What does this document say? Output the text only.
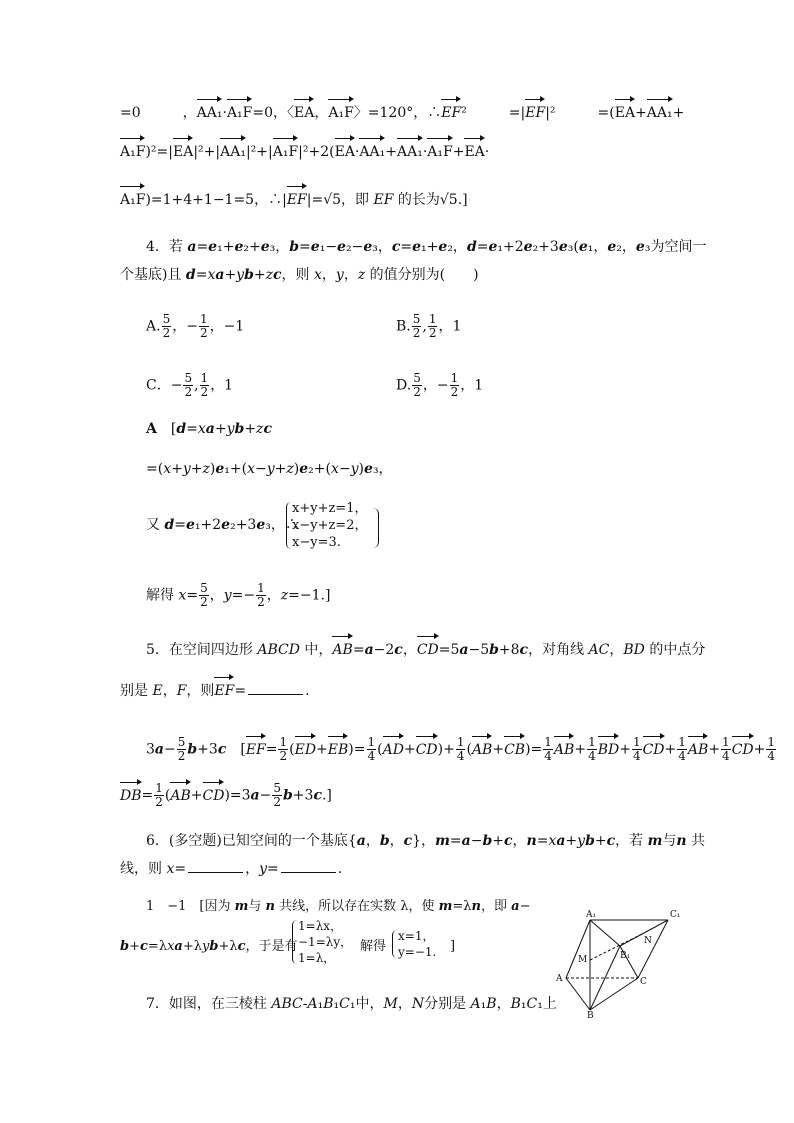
=0　　　，AA₁·A₁F=0，〈EA，A₁F〉=120°，∴EF²　　　=|EF|²　　　=(EA+AA₁+
A₁F)²=|EA|²+|AA₁|²+|A₁F|²+2(EA·AA₁+AA₁·A₁F+EA·
A₁F)=1+4+1−1=5，∴|EF|=√5，即 EF 的长为√5.]
4．若 a=e₁+e₂+e₃，b=e₁−e₂−e₃，c=e₁+e₂，d=e₁+2e₂+3e₃(e₁，e₂，e₃为空间一
个基底)且 d=xa+yb+zc，则 x，y，z 的值分别为(　　)
A. $\frac{5}{2}$ ，− $\frac{1}{2}$ ，−1	B. $\frac{5}{2}$ , $\frac{1}{2}$ ，1
C．− $\frac{5}{2}$ , $\frac{1}{2}$ ，1	D. $\frac{5}{2}$ ，− $\frac{1}{2}$ ，1
A　[d=xa+yb+zc
=(x+y+z)e₁+(x−y+z)e₂+(x−y)e₃，
又 d=e₁+2e₂+3e₃，∴
x+y+z=1，
x−y+z=2，
x−y=3.
解得 $x= \frac{5}{2}$ ，$y=- \frac{1}{2}$ ，z=−1.]
5．在空间四边形 ABCD 中，AB=a−2c，CD=5a−5b+8c，对角线 AC，BD 的中点分
别是 E，F，则EF=	.
$3a- \frac{5}{2} b+3c$　[$EF= \frac{1}{2} (ED+EB)= \frac{1}{4} (AD+CD)+ \frac{1}{4} (AB+CB)= \frac{1}{4} AB+ \frac{1}{4} BD+ \frac{1}{4} CD+ \frac{1}{4} AB+ \frac{1}{4} CD+ \frac{1}{4}$
$DB= \frac{1}{2} (AB+CD)=3a- \frac{5}{2} b+3c$.]
6．(多空题)已知空间的一个基底{a，b，c}，m=a−b+c，n=xa+yb+c，若 m与n 共
线，则 x=	，y=	.
1　−1　[因为 m与 n 共线，所以存在实数 λ，使 m=λn，即 a−
b+c=λxa+λyb+λc，于是有
1=λx，
−1=λy，
1=λ，
解得
x=1，
y=−1. ]
7．如图，在三棱柱 ABC-A₁B₁C₁中，M，N分别是 A₁B，B₁C₁上
A₁	C₁
M
N
B₁
A	C
B
